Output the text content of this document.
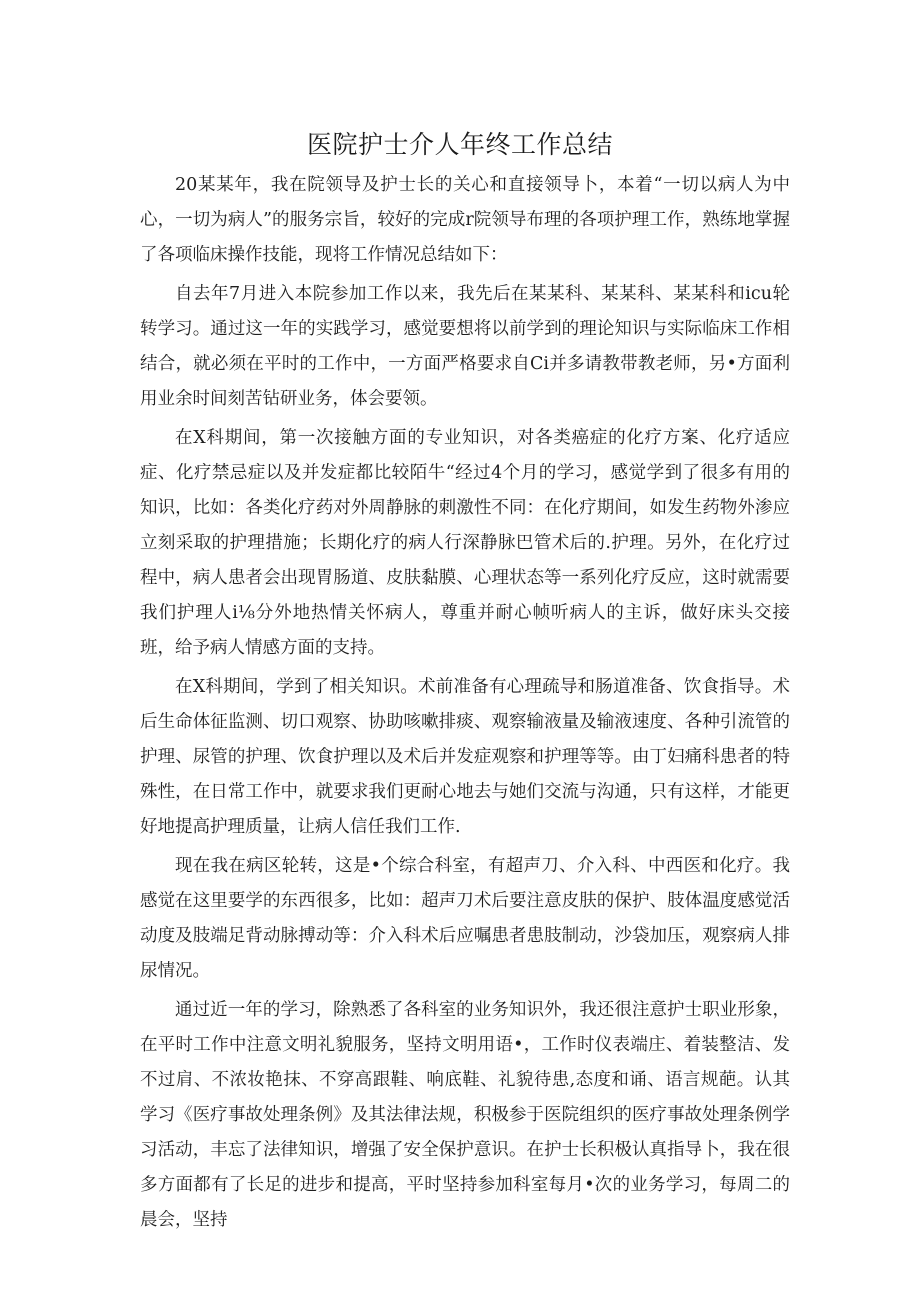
医院护士介人年终工作总结

20某某年，我在院领导及护士长的关心和直接领导卜，本着“一切以病人为中心，一切为病人”的服务宗旨，较好的完成r院领导布理的各项护理工作，熟练地掌握了各项临床操作技能，现将工作情况总结如下：

自去年7月进入本院参加工作以来，我先后在某某科、某某科、某某科和icu轮转学习。通过这一年的实践学习，感觉要想将以前学到的理论知识与实际临床工作相结合，就必须在平时的工作中，一方面严格要求自Ci并多请教带教老师，另•方面利用业余时间刻苦钻研业务，体会要领。

在X科期间，第一次接触方面的专业知识，对各类癌症的化疗方案、化疗适应症、化疗禁忌症以及并发症都比较陌牛“经过4个月的学习，感觉学到了很多有用的知识，比如：各类化疗药对外周静脉的刺激性不同：在化疗期间，如发生药物外渗应立刻采取的护理措施；长期化疗的病人行深静脉巴管术后的.护理。另外，在化疗过程中，病人患者会出现胃肠道、皮肤黏膜、心理状态等一系列化疗反应，这时就需要我们护理人i⅛分外地热情关怀病人，尊重并耐心帧听病人的主诉，做好床头交接班，给予病人情感方面的支持。

在X科期间，学到了相关知识。术前准备有心理疏导和肠道准备、饮食指导。术后生命体征监测、切口观察、协助咳嗽排痰、观察输液量及输液速度、各种引流管的护理、尿管的护理、饮食护理以及术后并发症观察和护理等等。由丁妇痛科患者的特殊性，在日常工作中，就要求我们更耐心地去与她们交流与沟通，只有这样，才能更好地提高护理质量，让病人信任我们工作.

现在我在病区轮转，这是•个综合科室，有超声刀、介入科、中西医和化疗。我感觉在这里要学的东西很多，比如：超声刀术后要注意皮肤的保护、肢体温度感觉活动度及肢端足背动脉搏动等：介入科术后应嘱患者患肢制动，沙袋加压，观察病人排尿情况。

通过近一年的学习，除熟悉了各科室的业务知识外，我还很注意护士职业形象，在平时工作中注意文明礼貌服务，坚持文明用语•，工作时仪表端庄、着装整洁、发不过肩、不浓妆艳抹、不穿高跟鞋、响底鞋、礼貌待患,态度和诵、语言规葩。认其学习《医疗事故处理条例》及其法律法规，积极参于医院组织的医疗事故处理条例学习活动，丰忘了法律知识，增强了安全保护意识。在护士长积极认真指导卜，我在很多方面都有了长足的进步和提高，平时坚持参加科室每月•次的业务学习，每周二的晨会，坚持
